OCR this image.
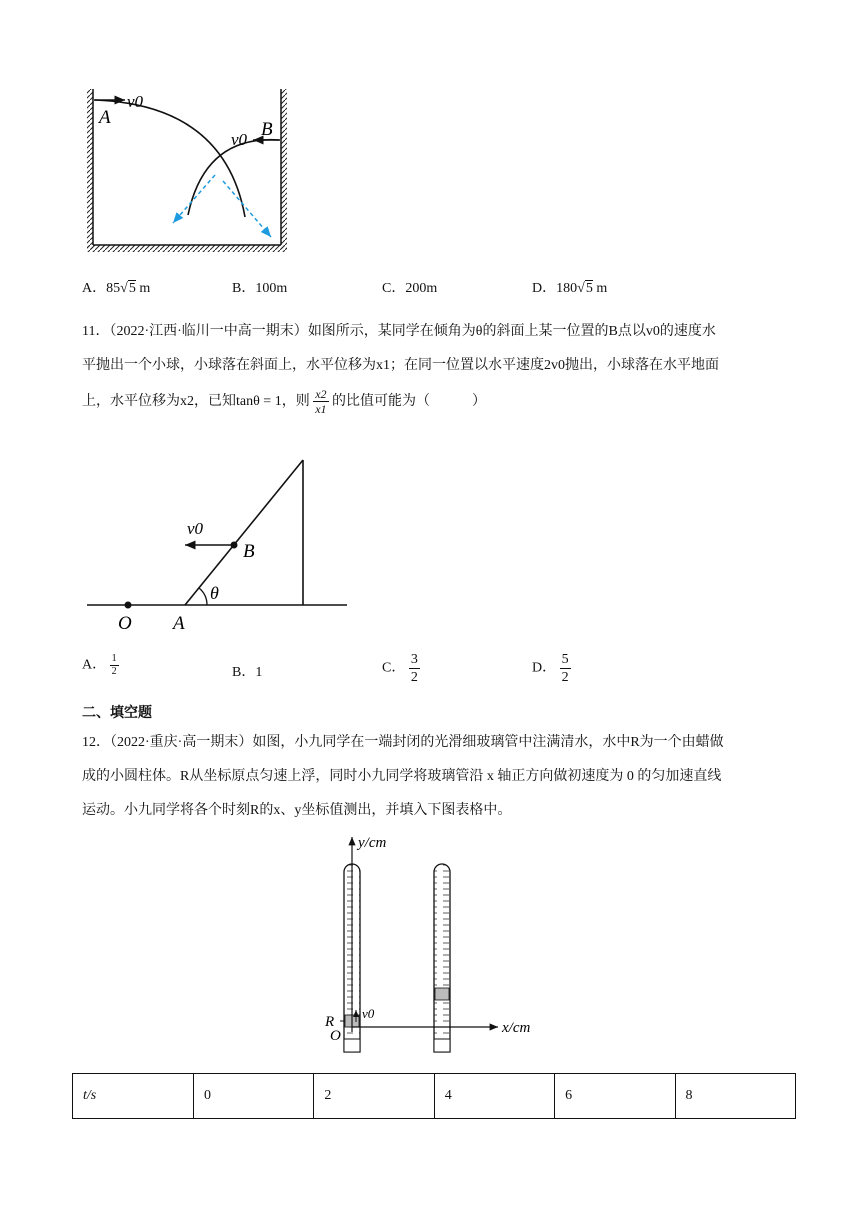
A
v0
B
v0
A．85√5 m	B．100m	C．200m	D．180√5 m
11．（2022·江西·临川一中高一期末）如图所示，某同学在倾角为θ的斜面上某一位置的B点以v0的速度水
平抛出一个小球，小球落在斜面上，水平位移为x1；在同一位置以水平速度2v0抛出，小球落在水平地面
上，水平位移为x2，已知tanθ = 1，则 $\frac{x2}{x1}$ 的比值可能为（　　　）
v0
B
θ
O A
A． $\frac{1}{2}$	B．1	C． $\frac{3}{2}$	D． $\frac{5}{2}$
二、填空题
12．（2022·重庆·高一期末）如图，小九同学在一端封闭的光滑细玻璃管中注满清水，水中R为一个由蜡做
成的小圆柱体。R从坐标原点匀速上浮，同时小九同学将玻璃管沿 x 轴正方向做初速度为 0 的匀加速直线
运动。小九同学将各个时刻R的x、y坐标值测出，并填入下图表格中。
y/cm
x/cm
R
O
v0
t/s	0	2	4	6	8
